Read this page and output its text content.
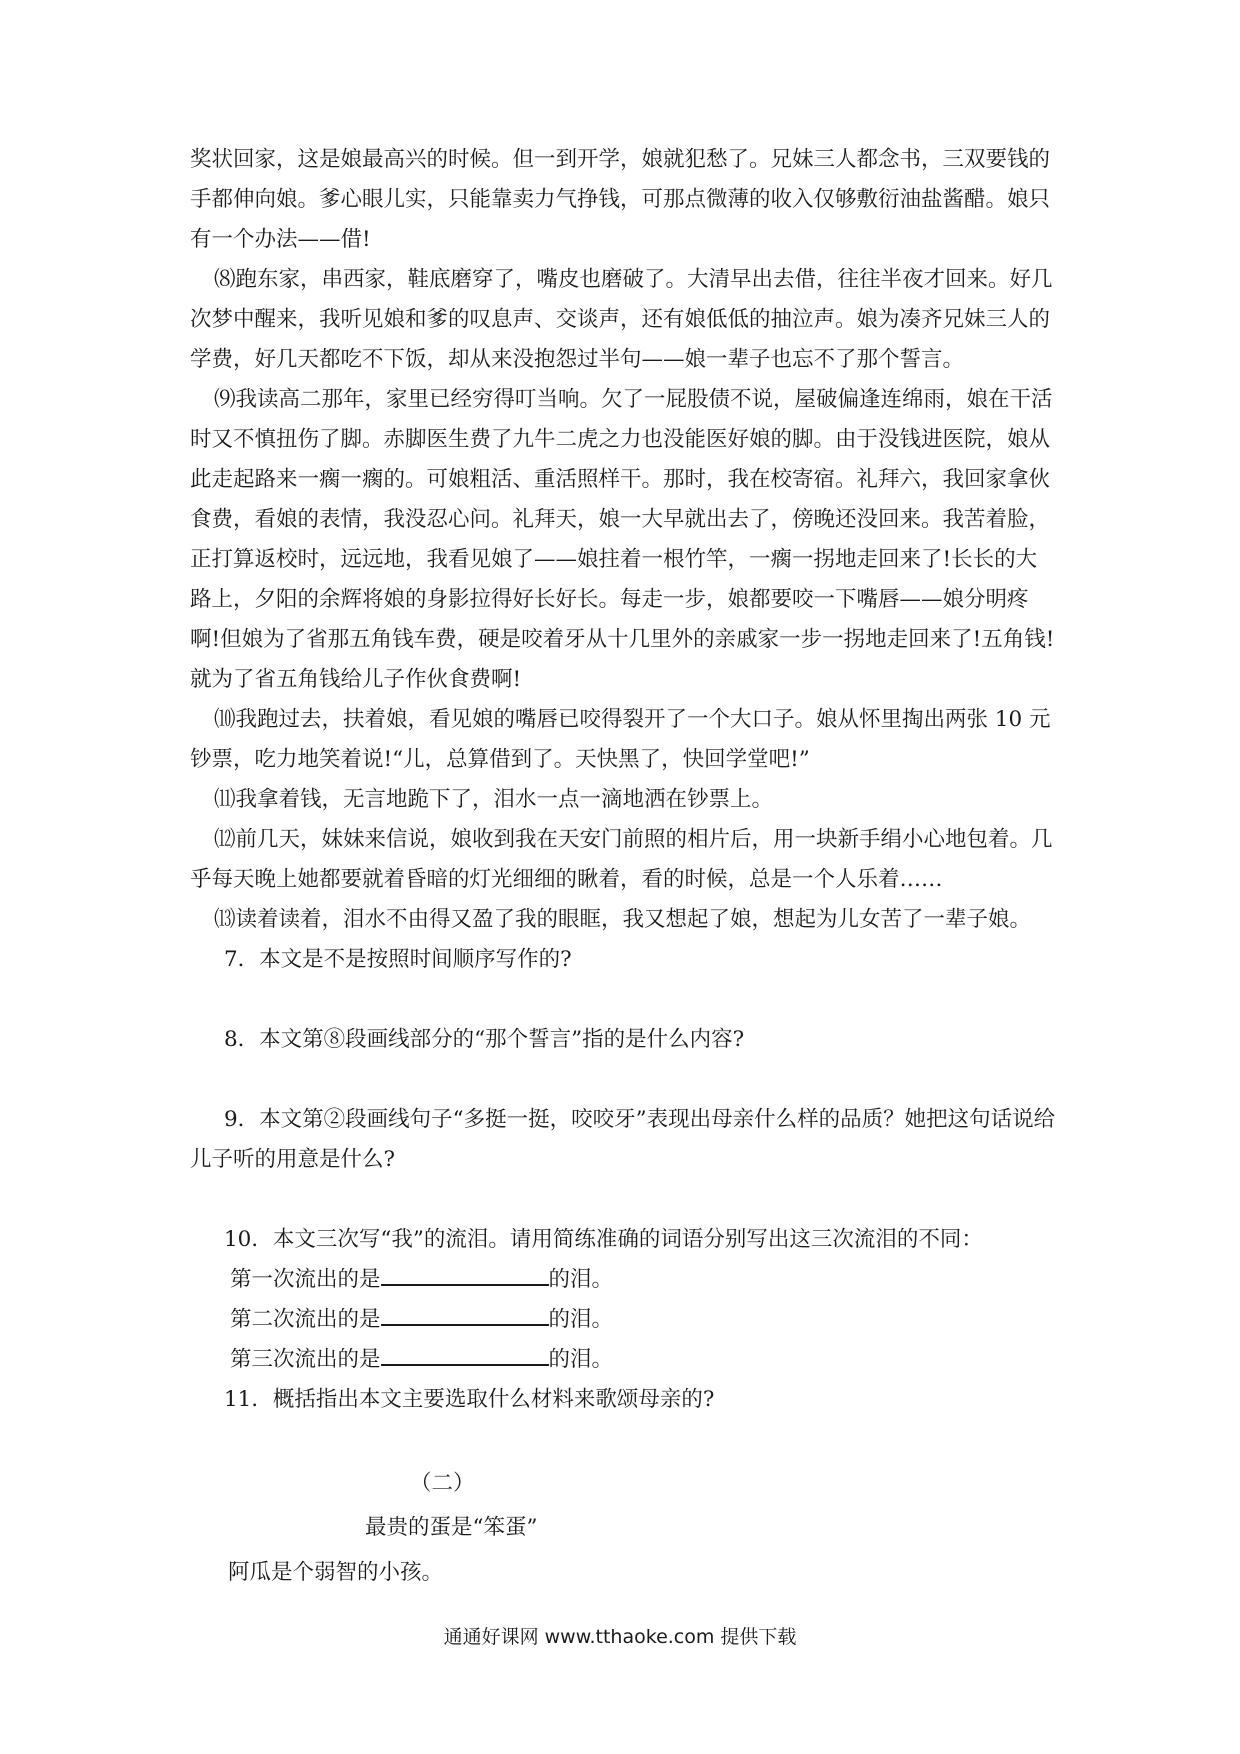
奖状回家，这是娘最高兴的时候。但一到开学，娘就犯愁了。兄妹三人都念书，三双要钱的手都伸向娘。爹心眼儿实，只能靠卖力气挣钱，可那点微薄的收入仅够敷衍油盐酱醋。娘只有一个办法——借!

⑻跑东家，串西家，鞋底磨穿了，嘴皮也磨破了。大清早出去借，往往半夜才回来。好几次梦中醒来，我听见娘和爹的叹息声、交谈声，还有娘低低的抽泣声。娘为凑齐兄妹三人的学费，好几天都吃不下饭，却从来没抱怨过半句——娘一辈子也忘不了那个誓言。

⑼我读高二那年，家里已经穷得叮当响。欠了一屁股债不说，屋破偏逢连绵雨，娘在干活时又不慎扭伤了脚。赤脚医生费了九牛二虎之力也没能医好娘的脚。由于没钱进医院，娘从此走起路来一瘸一瘸的。可娘粗活、重活照样干。那时，我在校寄宿。礼拜六，我回家拿伙食费，看娘的表情，我没忍心问。礼拜天，娘一大早就出去了，傍晚还没回来。我苦着脸，正打算返校时，远远地，我看见娘了——娘拄着一根竹竿，一瘸一拐地走回来了!长长的大路上，夕阳的余辉将娘的身影拉得好长好长。每走一步，娘都要咬一下嘴唇——娘分明疼啊!但娘为了省那五角钱车费，硬是咬着牙从十几里外的亲戚家一步一拐地走回来了!五角钱!就为了省五角钱给儿子作伙食费啊!

⑽我跑过去，扶着娘，看见娘的嘴唇已咬得裂开了一个大口子。娘从怀里掏出两张 10 元钞票，吃力地笑着说!“儿，总算借到了。天快黑了，快回学堂吧!”

⑾我拿着钱，无言地跪下了，泪水一点一滴地洒在钞票上。

⑿前几天，妹妹来信说，娘收到我在天安门前照的相片后，用一块新手绢小心地包着。几乎每天晚上她都要就着昏暗的灯光细细的瞅着，看的时候，总是一个人乐着……

⒀读着读着，泪水不由得又盈了我的眼眶，我又想起了娘，想起为儿女苦了一辈子娘。

7．本文是不是按照时间顺序写作的?

8．本文第⑧段画线部分的“那个誓言”指的是什么内容?

9．本文第②段画线句子“多挺一挺，咬咬牙”表现出母亲什么样的品质？她把这句话说给儿子听的用意是什么?

10．本文三次写“我”的流泪。请用简练准确的词语分别写出这三次流泪的不同：

第一次流出的是	的泪。

第二次流出的是	的泪。

第三次流出的是	的泪。

11．概括指出本文主要选取什么材料来歌颂母亲的?

（二）
最贵的蛋是“笨蛋”
阿瓜是个弱智的小孩。
通通好课网 www.tthaoke.com 提供下载
